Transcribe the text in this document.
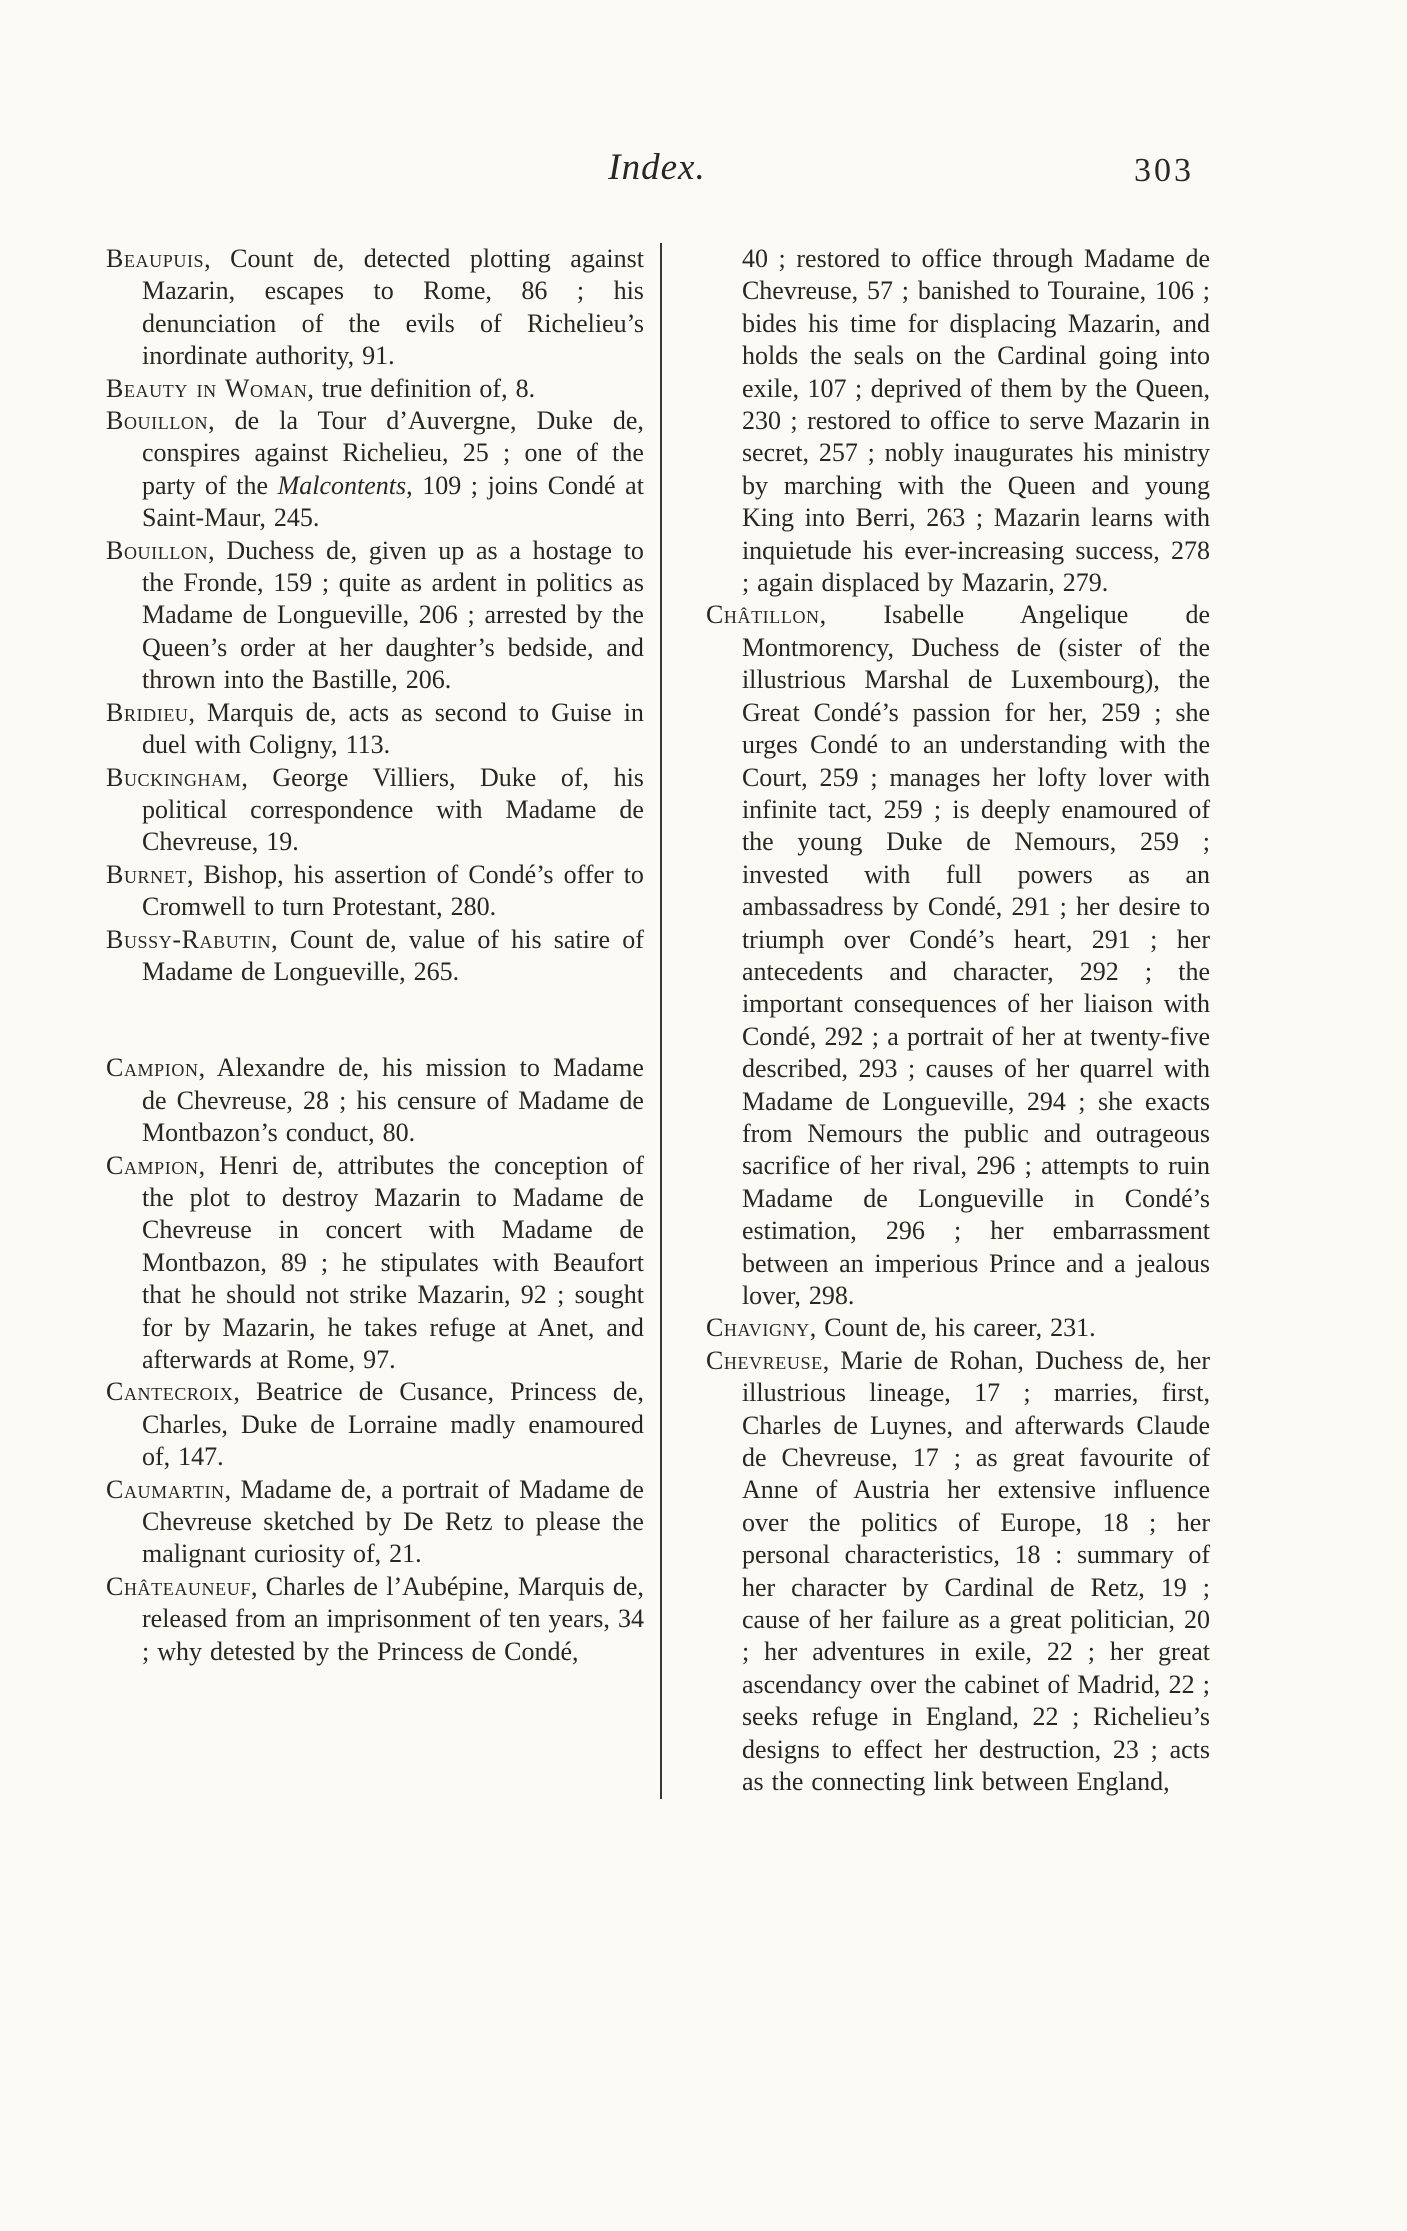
Index.	303

Beaupuis, Count de, detected plotting against Mazarin, escapes to Rome, 86 ; his denunciation of the evils of Richelieu’s inordinate authority, 91.

Beauty in Woman, true definition of, 8.

Bouillon, de la Tour d’Auvergne, Duke de, conspires against Richelieu, 25 ; one of the party of the Malcontents, 109 ; joins Condé at Saint-Maur, 245.

Bouillon, Duchess de, given up as a hostage to the Fronde, 159 ; quite as ardent in politics as Madame de Longueville, 206 ; arrested by the Queen’s order at her daughter’s bedside, and thrown into the Bastille, 206.

Bridieu, Marquis de, acts as second to Guise in duel with Coligny, 113.

Buckingham, George Villiers, Duke of, his political correspondence with Madame de Chevreuse, 19.

Burnet, Bishop, his assertion of Condé’s offer to Cromwell to turn Protestant, 280.

Bussy-Rabutin, Count de, value of his satire of Madame de Longueville, 265.

Campion, Alexandre de, his mission to Madame de Chevreuse, 28 ; his censure of Madame de Montbazon’s conduct, 80.

Campion, Henri de, attributes the conception of the plot to destroy Mazarin to Madame de Chevreuse in concert with Madame de Montbazon, 89 ; he stipulates with Beaufort that he should not strike Mazarin, 92 ; sought for by Mazarin, he takes refuge at Anet, and afterwards at Rome, 97.

Cantecroix, Beatrice de Cusance, Princess de, Charles, Duke de Lorraine madly enamoured of, 147.

Caumartin, Madame de, a portrait of Madame de Chevreuse sketched by De Retz to please the malignant curiosity of, 21.

Châteauneuf, Charles de l’Aubépine, Marquis de, released from an imprisonment of ten years, 34 ; why detested by the Princess de Condé,

40 ; restored to office through Madame de Chevreuse, 57 ; banished to Touraine, 106 ; bides his time for displacing Mazarin, and holds the seals on the Cardinal going into exile, 107 ; deprived of them by the Queen, 230 ; restored to office to serve Mazarin in secret, 257 ; nobly inaugurates his ministry by marching with the Queen and young King into Berri, 263 ; Mazarin learns with inquietude his ever-increasing success, 278 ; again displaced by Mazarin, 279.

Châtillon, Isabelle Angelique de Montmorency, Duchess de (sister of the illustrious Marshal de Luxembourg), the Great Condé’s passion for her, 259 ; she urges Condé to an understanding with the Court, 259 ; manages her lofty lover with infinite tact, 259 ; is deeply enamoured of the young Duke de Nemours, 259 ; invested with full powers as an ambassadress by Condé, 291 ; her desire to triumph over Condé’s heart, 291 ; her antecedents and character, 292 ; the important consequences of her liaison with Condé, 292 ; a portrait of her at twenty-five described, 293 ; causes of her quarrel with Madame de Longueville, 294 ; she exacts from Nemours the public and outrageous sacrifice of her rival, 296 ; attempts to ruin Madame de Longueville in Condé’s estimation, 296 ; her embarrassment between an imperious Prince and a jealous lover, 298.

Chavigny, Count de, his career, 231.

Chevreuse, Marie de Rohan, Duchess de, her illustrious lineage, 17 ; marries, first, Charles de Luynes, and afterwards Claude de Chevreuse, 17 ; as great favourite of Anne of Austria her extensive influence over the politics of Europe, 18 ; her personal characteristics, 18 : summary of her character by Cardinal de Retz, 19 ; cause of her failure as a great politician, 20 ; her adventures in exile, 22 ; her great ascendancy over the cabinet of Madrid, 22 ; seeks refuge in England, 22 ; Richelieu’s designs to effect her destruction, 23 ; acts as the connecting link between England,
